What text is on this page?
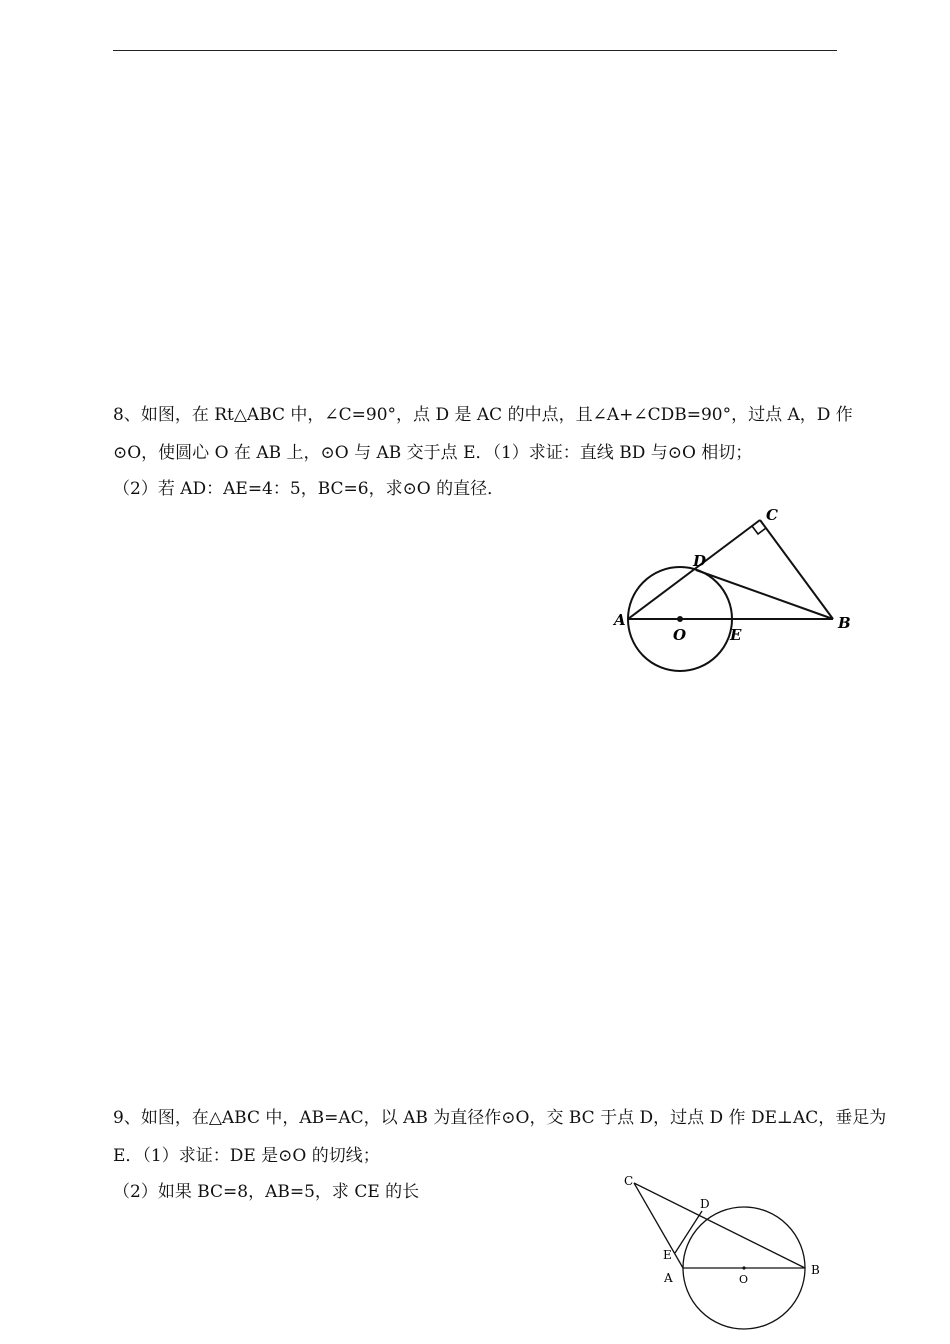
8、如图，在 Rt△ABC 中，∠C=90°，点 D 是 AC 的中点，且∠A+∠CDB=90°，过点 A，D 作
⊙O，使圆心 O 在 AB 上，⊙O 与 AB 交于点 E．（1）求证：直线 BD 与⊙O 相切；
（2）若 AD：AE=4：5，BC=6，求⊙O 的直径．
A	B
C
D
O	E
9、如图，在△ABC 中，AB=AC，以 AB 为直径作⊙O，交 BC 于点 D，过点 D 作 DE⊥AC，垂足为
E．（1）求证：DE 是⊙O 的切线；
（2）如果 BC=8，AB=5，求 CE 的长
C
D
E
A	O
B
